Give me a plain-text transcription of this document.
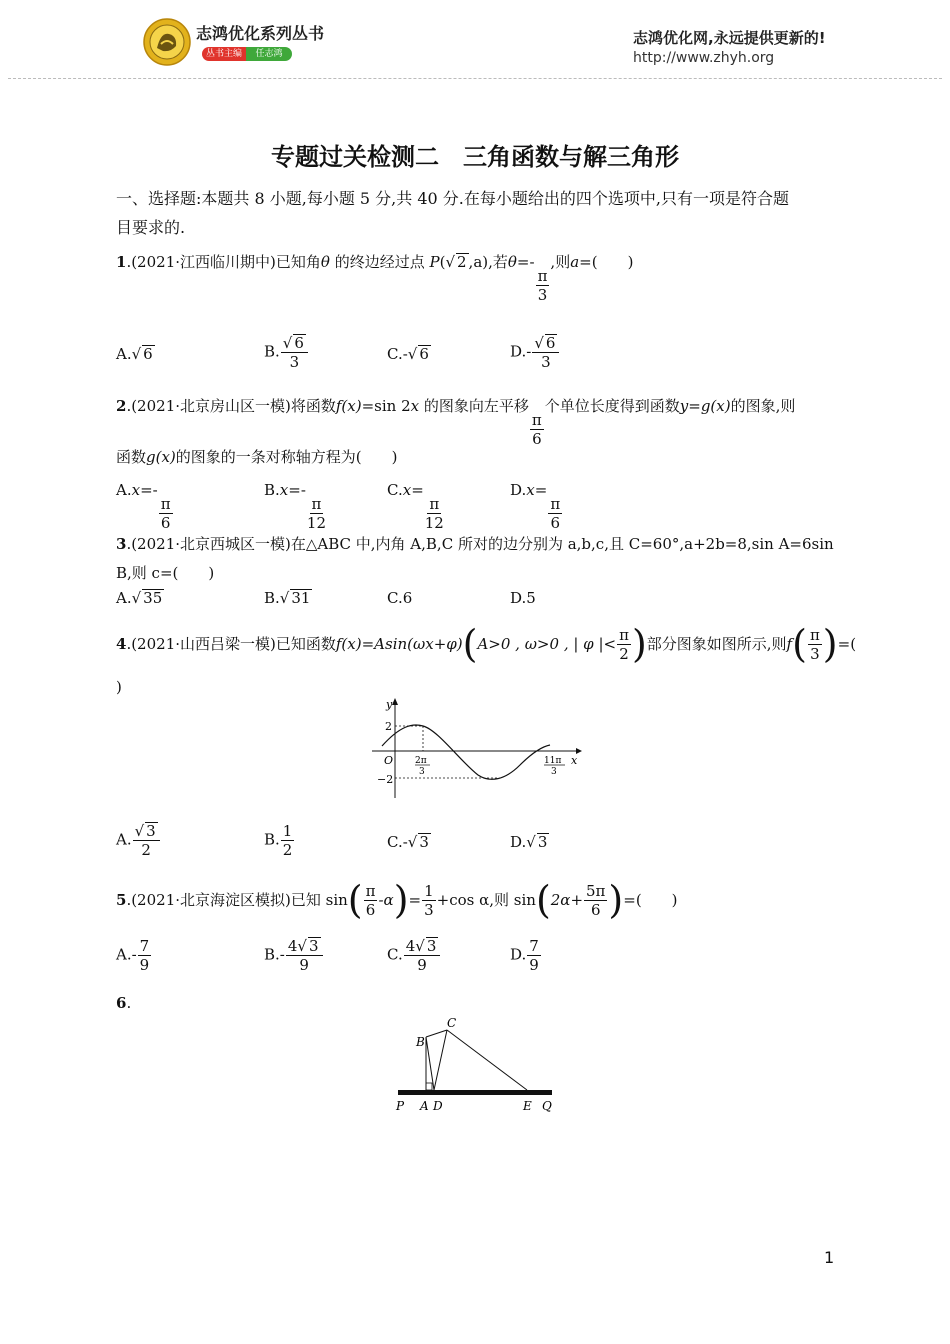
志鸿优化系列丛书
丛书主编	任志鸿
志鸿优化网,永远提供更新的!
http://www.zhyh.org
专题过关检测二　三角函数与解三角形
一、选择题:本题共 8 小题,每小题 5 分,共 40 分.在每小题给出的四个选项中,只有一项是符合题
目要求的.
1.(2021·江西临川期中)已知角θ 的终边经过点 P(√ 2 ,a),若θ=-
$\frac{\pi}{3}$
,则a=(　　)
A.√ 6	B. $\frac{√ 6}{3}$	C.-√ 6	$D.- \frac{√ 6}{3}$
2.(2021·北京房山区一模)将函数f(x)=sin 2x 的图象向左平移
$\frac{\pi}{6}$
个单位长度得到函数y=g(x)的图象,则
函数g(x)的图象的一条对称轴方程为(　　)
A.x=-
$\frac{\pi}{6}$
B.x=-
$\frac{\pi}{12}$
C.x=
$\frac{\pi}{12}$
D.x=
$\frac{\pi}{6}$
3.(2021·北京西城区一模)在△ABC 中,内角 A,B,C 所对的边分别为 a,b,c,且 C=60°,a+2b=8,sin A=6sin
B,则 c=(　　)
A.√ 35	B.√ 31	C.6	D.5
4 .(2021·山西吕梁一模) 已知函数 f(x)=Asin(ωx+φ) ( A>0 , ω>0 , | φ |< $\frac{\pi}{2}$ ) 部分图象如图所示,则 f ( $\frac{\pi}{3}$ ) =(
)
y
x
O
2
−2
2π
3
11π
3
A. $\frac{√ 3}{2}$	B. $\frac{1}{2}$	C.-√ 3	D.√ 3
5 .(2021·北京海淀区模拟) 已知 sin ( $\frac{\pi}{6} -\alpha$ ) = $\frac{1}{3} +\cos$ α,则 sin ( $2\alpha+ \frac{5\pi}{6}$ ) =(　　)
$A.- \frac{7}{9}$	$B.- \frac{4√ 3}{9}$	C. $\frac{4√ 3}{9}$	D. $\frac{7}{9}$
6.
C
B
P A D	E Q
1
